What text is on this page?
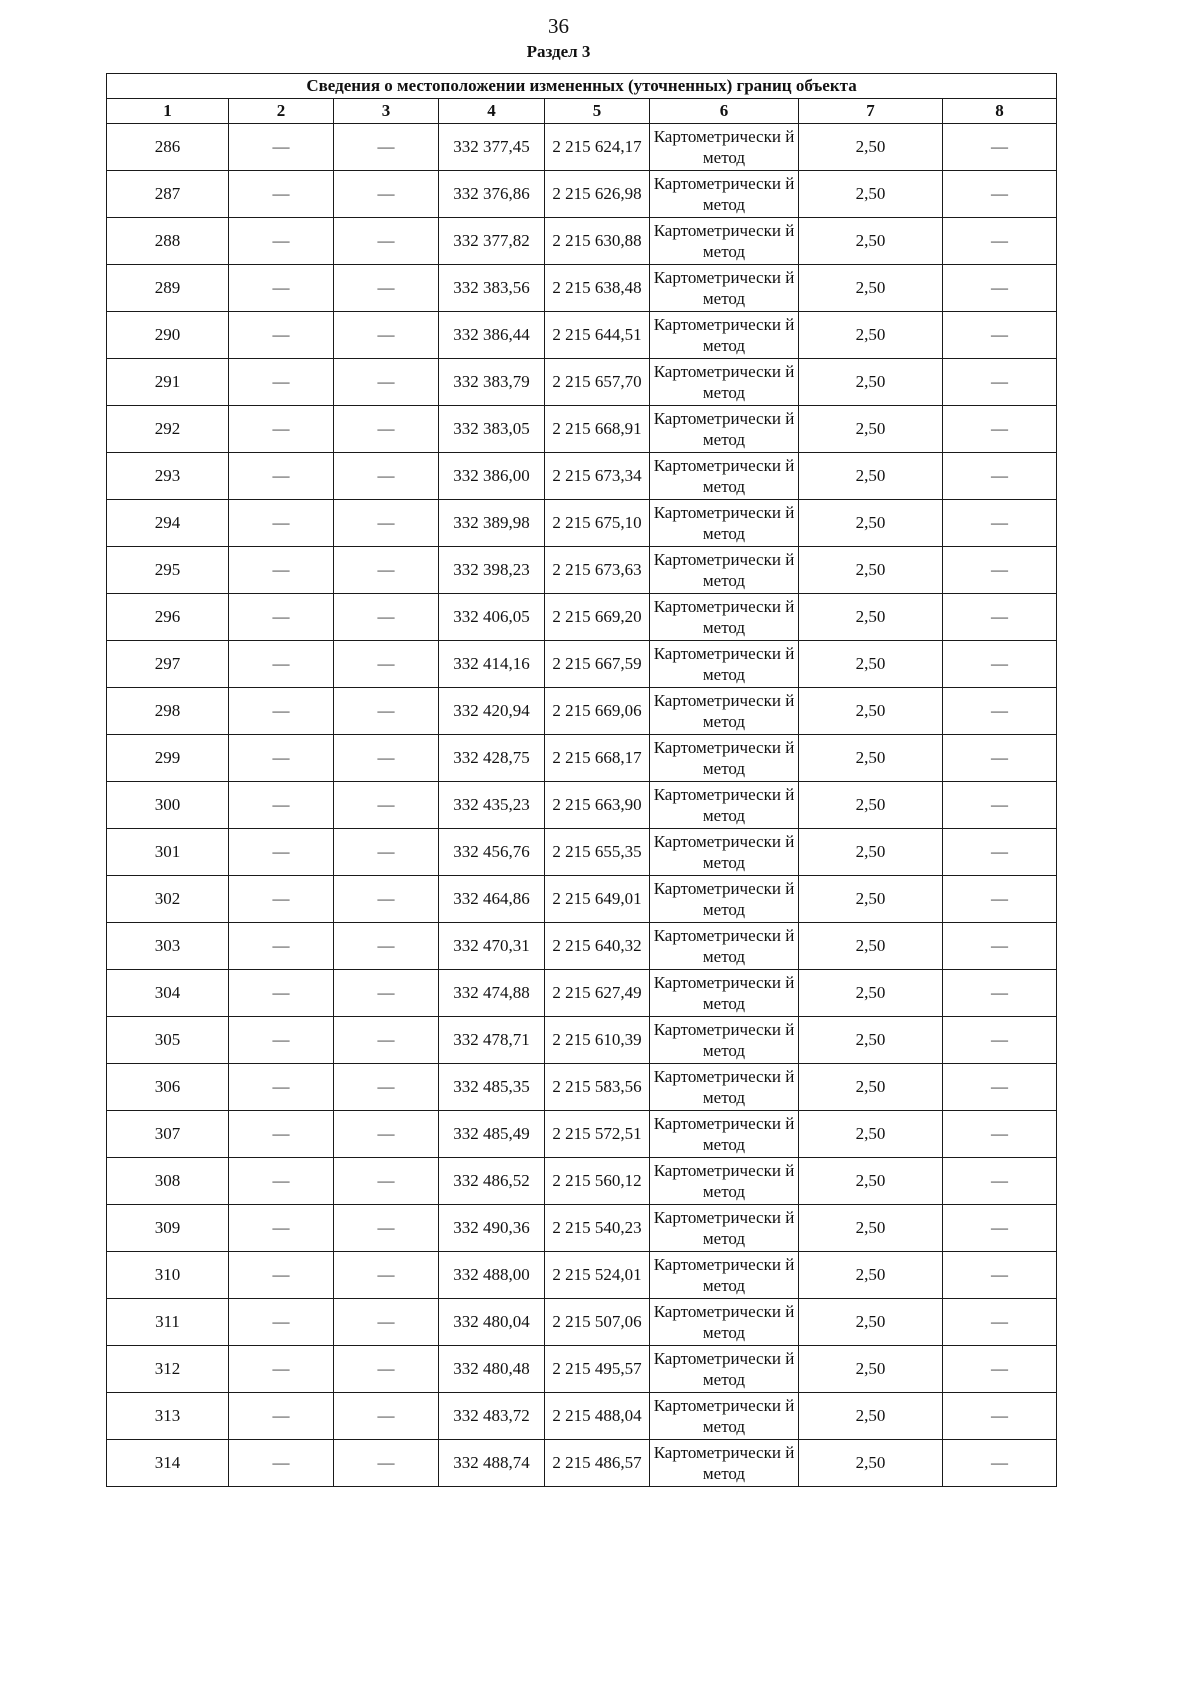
36
Раздел 3
Сведения о местоположении измененных (уточненных) границ объекта							
1	2	3	4	5	6	7	8
286	—	—	332 377,45	2 215 624,17	Картометрически й метод	2,50	—
287	—	—	332 376,86	2 215 626,98	Картометрически й метод	2,50	—
288	—	—	332 377,82	2 215 630,88	Картометрически й метод	2,50	—
289	—	—	332 383,56	2 215 638,48	Картометрически й метод	2,50	—
290	—	—	332 386,44	2 215 644,51	Картометрически й метод	2,50	—
291	—	—	332 383,79	2 215 657,70	Картометрически й метод	2,50	—
292	—	—	332 383,05	2 215 668,91	Картометрически й метод	2,50	—
293	—	—	332 386,00	2 215 673,34	Картометрически й метод	2,50	—
294	—	—	332 389,98	2 215 675,10	Картометрически й метод	2,50	—
295	—	—	332 398,23	2 215 673,63	Картометрически й метод	2,50	—
296	—	—	332 406,05	2 215 669,20	Картометрически й метод	2,50	—
297	—	—	332 414,16	2 215 667,59	Картометрически й метод	2,50	—
298	—	—	332 420,94	2 215 669,06	Картометрически й метод	2,50	—
299	—	—	332 428,75	2 215 668,17	Картометрически й метод	2,50	—
300	—	—	332 435,23	2 215 663,90	Картометрически й метод	2,50	—
301	—	—	332 456,76	2 215 655,35	Картометрически й метод	2,50	—
302	—	—	332 464,86	2 215 649,01	Картометрически й метод	2,50	—
303	—	—	332 470,31	2 215 640,32	Картометрически й метод	2,50	—
304	—	—	332 474,88	2 215 627,49	Картометрически й метод	2,50	—
305	—	—	332 478,71	2 215 610,39	Картометрически й метод	2,50	—
306	—	—	332 485,35	2 215 583,56	Картометрически й метод	2,50	—
307	—	—	332 485,49	2 215 572,51	Картометрически й метод	2,50	—
308	—	—	332 486,52	2 215 560,12	Картометрически й метод	2,50	—
309	—	—	332 490,36	2 215 540,23	Картометрически й метод	2,50	—
310	—	—	332 488,00	2 215 524,01	Картометрически й метод	2,50	—
311	—	—	332 480,04	2 215 507,06	Картометрически й метод	2,50	—
312	—	—	332 480,48	2 215 495,57	Картометрически й метод	2,50	—
313	—	—	332 483,72	2 215 488,04	Картометрически й метод	2,50	—
314	—	—	332 488,74	2 215 486,57	Картометрически й метод	2,50	—
